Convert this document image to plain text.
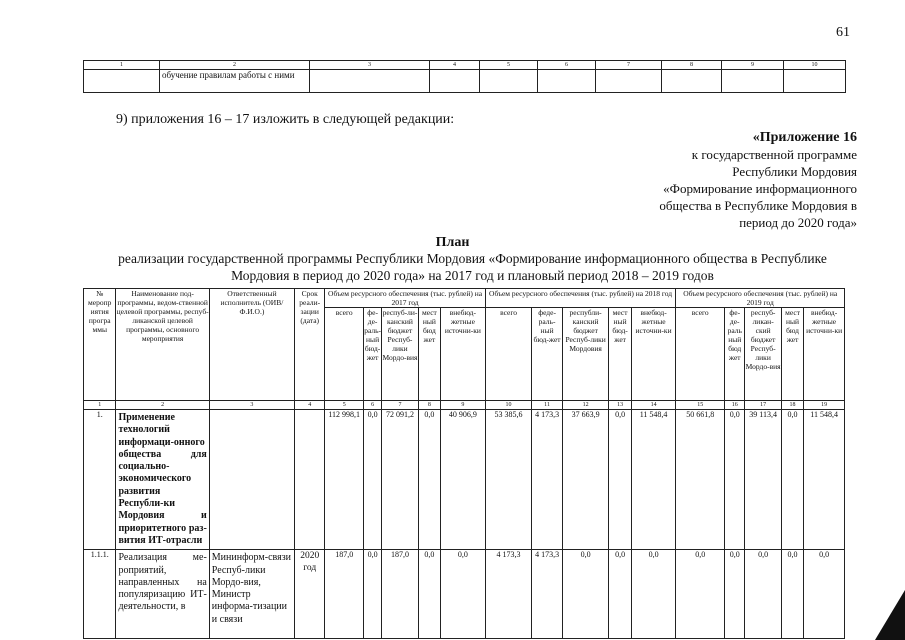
61
1	2	3	4	5	6	7	8	9	10
	обучение правилам работы с ними								
9) приложения 16 – 17 изложить в следующей редакции:
«Приложение 16
к государственной программе
Республики Мордовия
«Формирование информационного
общества в Республике Мордовия в
период до 2020 года»
План
реализации государственной программы Республики Мордовия «Формирование информационного общества в Республике Мордовия в период до 2020 года» на 2017 год и плановый период 2018 – 2019 годов
№ меропр иятия програ ммы	Наименование под-программы, ведом-ственной целевой программы, респуб-ликанской целевой программы, основного мероприятия	Ответственный исполнитель (ОИВ/Ф.И.О.)	Срок реали-зации (дата)	Объем ресурсного обеспечения (тыс. рублей) на 2017 год					Объем ресурсного обеспечения (тыс. рублей) на 2018 год					Объем ресурсного обеспечения (тыс. рублей) на 2019 год				
				всего	фе-де-раль-ный бюд-жет	респуб-ли-канский бюджет Респуб-лики Мордо-вия	мест ный бюд жет	внебюд-жетные источни-ки	всего	феде-раль-ный бюд-жет	республи-канский бюджет Респуб-лики Мордовия	мест ный бюд-жет	внебюд-жетные источни-ки	всего	фе-де-раль ный бюд жет	респуб-ликан-ский бюджет Респуб-лики Мордо-вия	мест ный бюд жет	внебюд-жетные источни-ки
1	2	3	4	5	6	7	8	9	10	11	12	13	14	15	16	17	18	19
1.	Применение технологий информаци-онного общества для социально-экономического развития Республи-ки Мордовия и приоритетного раз-вития ИТ-отрасли			112 998,1	0,0	72 091,2	0,0	40 906,9	53 385,6	4 173,3	37 663,9	0,0	11 548,4	50 661,8	0,0	39 113,4	0,0	11 548,4
1.1.1.	Реализация ме-роприятий, направленных на популяризацию ИТ-деятельности, в	Мининформ-связи Респуб-лики Мордо-вия, Министр информа-тизации и связи	2020 год	187,0	0,0	187,0	0,0	0,0	4 173,3	4 173,3	0,0	0,0	0,0	0,0	0,0	0,0	0,0	0,0
